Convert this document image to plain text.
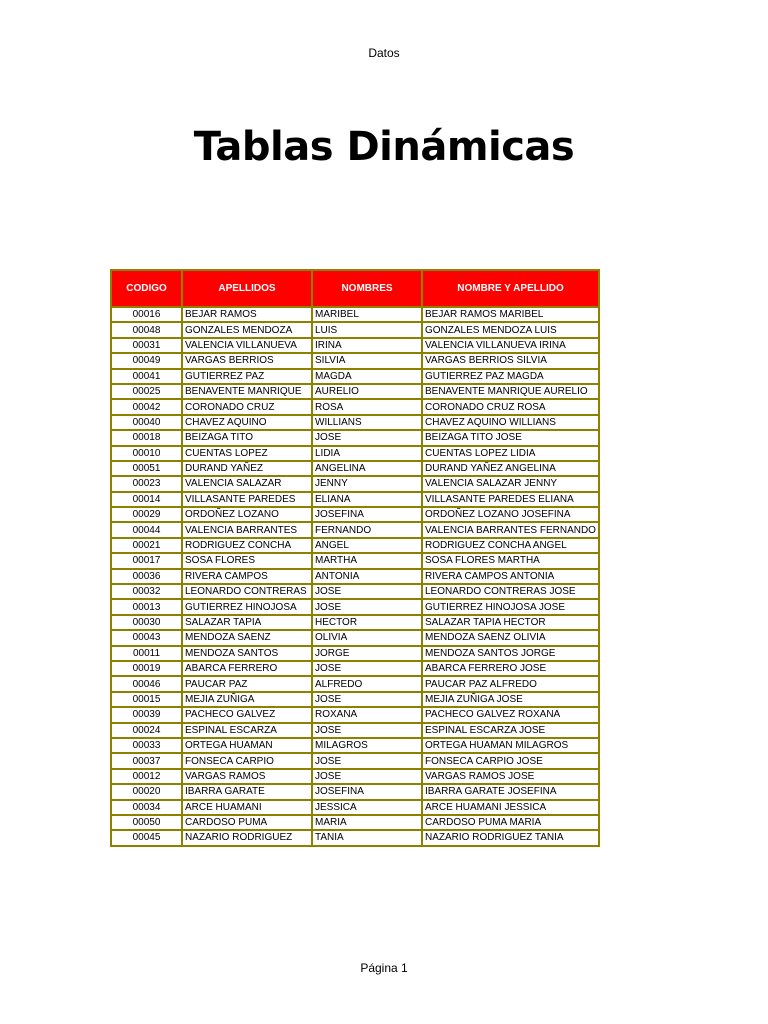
Datos
Tablas Dinámicas
CODIGO	APELLIDOS	NOMBRES	NOMBRE Y APELLIDO
00016	BEJAR RAMOS	MARIBEL	BEJAR RAMOS MARIBEL
00048	GONZALES MENDOZA	LUIS	GONZALES MENDOZA LUIS
00031	VALENCIA VILLANUEVA	IRINA	VALENCIA VILLANUEVA IRINA
00049	VARGAS BERRIOS	SILVIA	VARGAS BERRIOS SILVIA
00041	GUTIERREZ PAZ	MAGDA	GUTIERREZ PAZ MAGDA
00025	BENAVENTE MANRIQUE	AURELIO	BENAVENTE MANRIQUE AURELIO
00042	CORONADO CRUZ	ROSA	CORONADO CRUZ ROSA
00040	CHAVEZ AQUINO	WILLIANS	CHAVEZ AQUINO WILLIANS
00018	BEIZAGA TITO	JOSE	BEIZAGA TITO JOSE
00010	CUENTAS LOPEZ	LIDIA	CUENTAS LOPEZ LIDIA
00051	DURAND YAÑEZ	ANGELINA	DURAND YAÑEZ ANGELINA
00023	VALENCIA SALAZAR	JENNY	VALENCIA SALAZAR JENNY
00014	VILLASANTE PAREDES	ELIANA	VILLASANTE PAREDES ELIANA
00029	ORDOÑEZ LOZANO	JOSEFINA	ORDOÑEZ LOZANO JOSEFINA
00044	VALENCIA BARRANTES	FERNANDO	VALENCIA BARRANTES FERNANDO
00021	RODRIGUEZ CONCHA	ANGEL	RODRIGUEZ CONCHA ANGEL
00017	SOSA FLORES	MARTHA	SOSA FLORES MARTHA
00036	RIVERA CAMPOS	ANTONIA	RIVERA CAMPOS ANTONIA
00032	LEONARDO CONTRERAS	JOSE	LEONARDO CONTRERAS JOSE
00013	GUTIERREZ HINOJOSA	JOSE	GUTIERREZ HINOJOSA JOSE
00030	SALAZAR TAPIA	HECTOR	SALAZAR TAPIA HECTOR
00043	MENDOZA SAENZ	OLIVIA	MENDOZA SAENZ OLIVIA
00011	MENDOZA SANTOS	JORGE	MENDOZA SANTOS JORGE
00019	ABARCA FERRERO	JOSE	ABARCA FERRERO JOSE
00046	PAUCAR PAZ	ALFREDO	PAUCAR PAZ ALFREDO
00015	MEJIA ZUÑIGA	JOSE	MEJIA ZUÑIGA JOSE
00039	PACHECO GALVEZ	ROXANA	PACHECO GALVEZ ROXANA
00024	ESPINAL ESCARZA	JOSE	ESPINAL ESCARZA JOSE
00033	ORTEGA HUAMAN	MILAGROS	ORTEGA HUAMAN MILAGROS
00037	FONSECA CARPIO	JOSE	FONSECA CARPIO JOSE
00012	VARGAS RAMOS	JOSE	VARGAS RAMOS JOSE
00020	IBARRA GARATE	JOSEFINA	IBARRA GARATE JOSEFINA
00034	ARCE HUAMANI	JESSICA	ARCE HUAMANI JESSICA
00050	CARDOSO PUMA	MARIA	CARDOSO PUMA MARIA
00045	NAZARIO RODRIGUEZ	TANIA	NAZARIO RODRIGUEZ TANIA
Página 1
